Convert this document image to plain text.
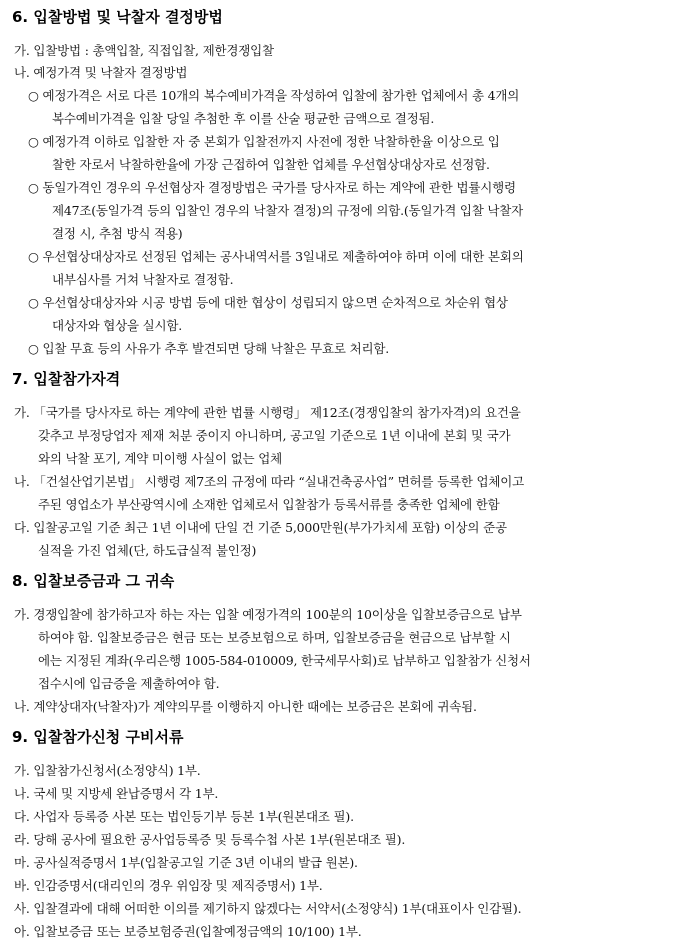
6. 입찰방법 및 낙찰자 결정방법
가. 입찰방법 : 총액입찰, 직접입찰, 제한경쟁입찰
나. 예정가격 및 낙찰자 결정방법
○ 예정가격은 서로 다른 10개의 복수예비가격을 작성하여 입찰에 참가한 업체에서 총 4개의
복수예비가격을 입찰 당일 추첨한 후 이를 산술 평균한 금액으로 결정됨.
○ 예정가격 이하로 입찰한 자 중 본회가 입찰전까지 사전에 정한 낙찰하한율 이상으로 입
찰한 자로서 낙찰하한율에 가장 근접하여 입찰한 업체를 우선협상대상자로 선정함.
○ 동일가격인 경우의 우선협상자 결정방법은 국가를 당사자로 하는 계약에 관한 법률시행령
제47조(동일가격 등의 입찰인 경우의 낙찰자 결정)의 규정에 의함.(동일가격 입찰 낙찰자
결정 시, 추첨 방식 적용)
○ 우선협상대상자로 선정된 업체는 공사내역서를 3일내로 제출하여야 하며 이에 대한 본회의
내부심사를 거쳐 낙찰자로 결정함.
○ 우선협상대상자와 시공 방법 등에 대한 협상이 성립되지 않으면 순차적으로 차순위 협상
대상자와 협상을 실시함.
○ 입찰 무효 등의 사유가 추후 발견되면 당해 낙찰은 무효로 처리함.
7. 입찰참가자격
가. 「국가를 당사자로 하는 계약에 관한 법률 시행령」 제12조(경쟁입찰의 참가자격)의 요건을
갖추고 부정당업자 제재 처분 중이지 아니하며, 공고일 기준으로 1년 이내에 본회 및 국가
와의 낙찰 포기, 계약 미이행 사실이 없는 업체
나. 「건설산업기본법」 시행령 제7조의 규정에 따라 “실내건축공사업” 면허를 등록한 업체이고
주된 영업소가 부산광역시에 소재한 업체로서 입찰참가 등록서류를 충족한 업체에 한함
다. 입찰공고일 기준 최근 1년 이내에 단일 건 기준 5,000만원(부가가치세 포함) 이상의 준공
실적을 가진 업체(단, 하도급실적 불인정)
8. 입찰보증금과 그 귀속
가. 경쟁입찰에 참가하고자 하는 자는 입찰 예정가격의 100분의 10이상을 입찰보증금으로 납부
하여야 함. 입찰보증금은 현금 또는 보증보험으로 하며, 입찰보증금을 현금으로 납부할 시
에는 지정된 계좌(우리은행 1005-584-010009, 한국세무사회)로 납부하고 입찰참가 신청서
접수시에 입금증을 제출하여야 함.
나. 계약상대자(낙찰자)가 계약의무를 이행하지 아니한 때에는 보증금은 본회에 귀속됨.
9. 입찰참가신청 구비서류
가. 입찰참가신청서(소정양식) 1부.
나. 국세 및 지방세 완납증명서 각 1부.
다. 사업자 등록증 사본 또는 법인등기부 등본 1부(원본대조 필).
라. 당해 공사에 필요한 공사업등록증 및 등록수첩 사본 1부(원본대조 필).
마. 공사실적증명서 1부(입찰공고일 기준 3년 이내의 발급 원본).
바. 인감증명서(대리인의 경우 위임장 및 제직증명서) 1부.
사. 입찰결과에 대해 어떠한 이의를 제기하지 않겠다는 서약서(소정양식) 1부(대표이사 인감필).
아. 입찰보증금 또는 보증보험증권(입찰예정금액의 10/100) 1부.
